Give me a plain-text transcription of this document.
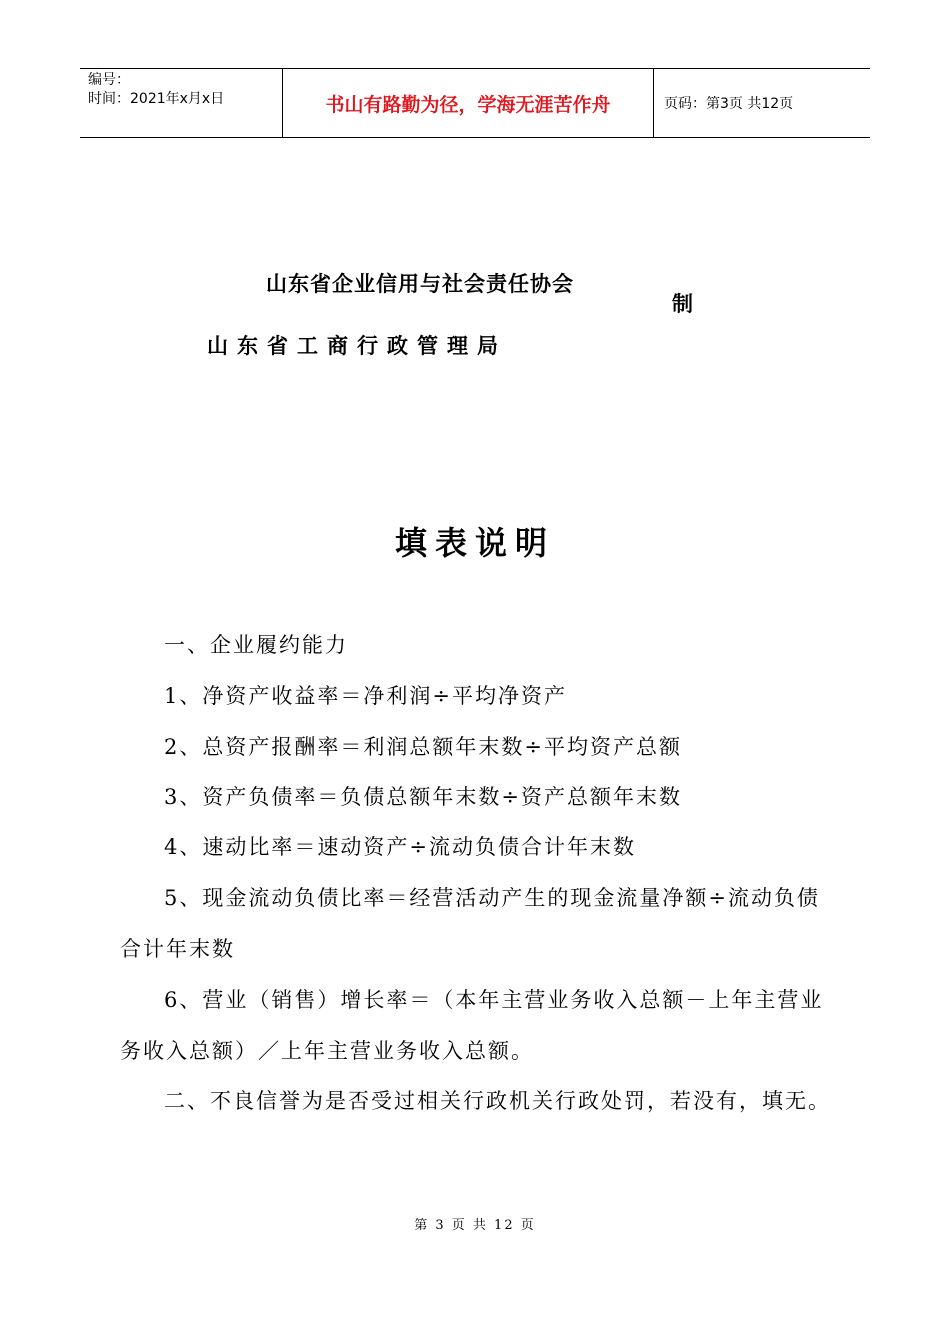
编号：
时间：2021年x月x日	书山有路勤为径，学海无涯苦作舟	页码：第3页 共12页
山东省企业信用与社会责任协会
山东省工商行政管理局
制
填表说明

一、企业履约能力

1、净资产收益率＝净利润÷平均净资产

2、总资产报酬率＝利润总额年末数÷平均资产总额

3、资产负债率＝负债总额年末数÷资产总额年末数

4、速动比率＝速动资产÷流动负债合计年末数

5、现金流动负债比率＝经营活动产生的现金流量净额÷流动负债合计年末数

6、营业（销售）增长率＝（本年主营业务收入总额－上年主营业务收入总额）／上年主营业务收入总额。

二、不良信誉为是否受过相关行政机关行政处罚，若没有，填无。

第 3 页 共 12 页
